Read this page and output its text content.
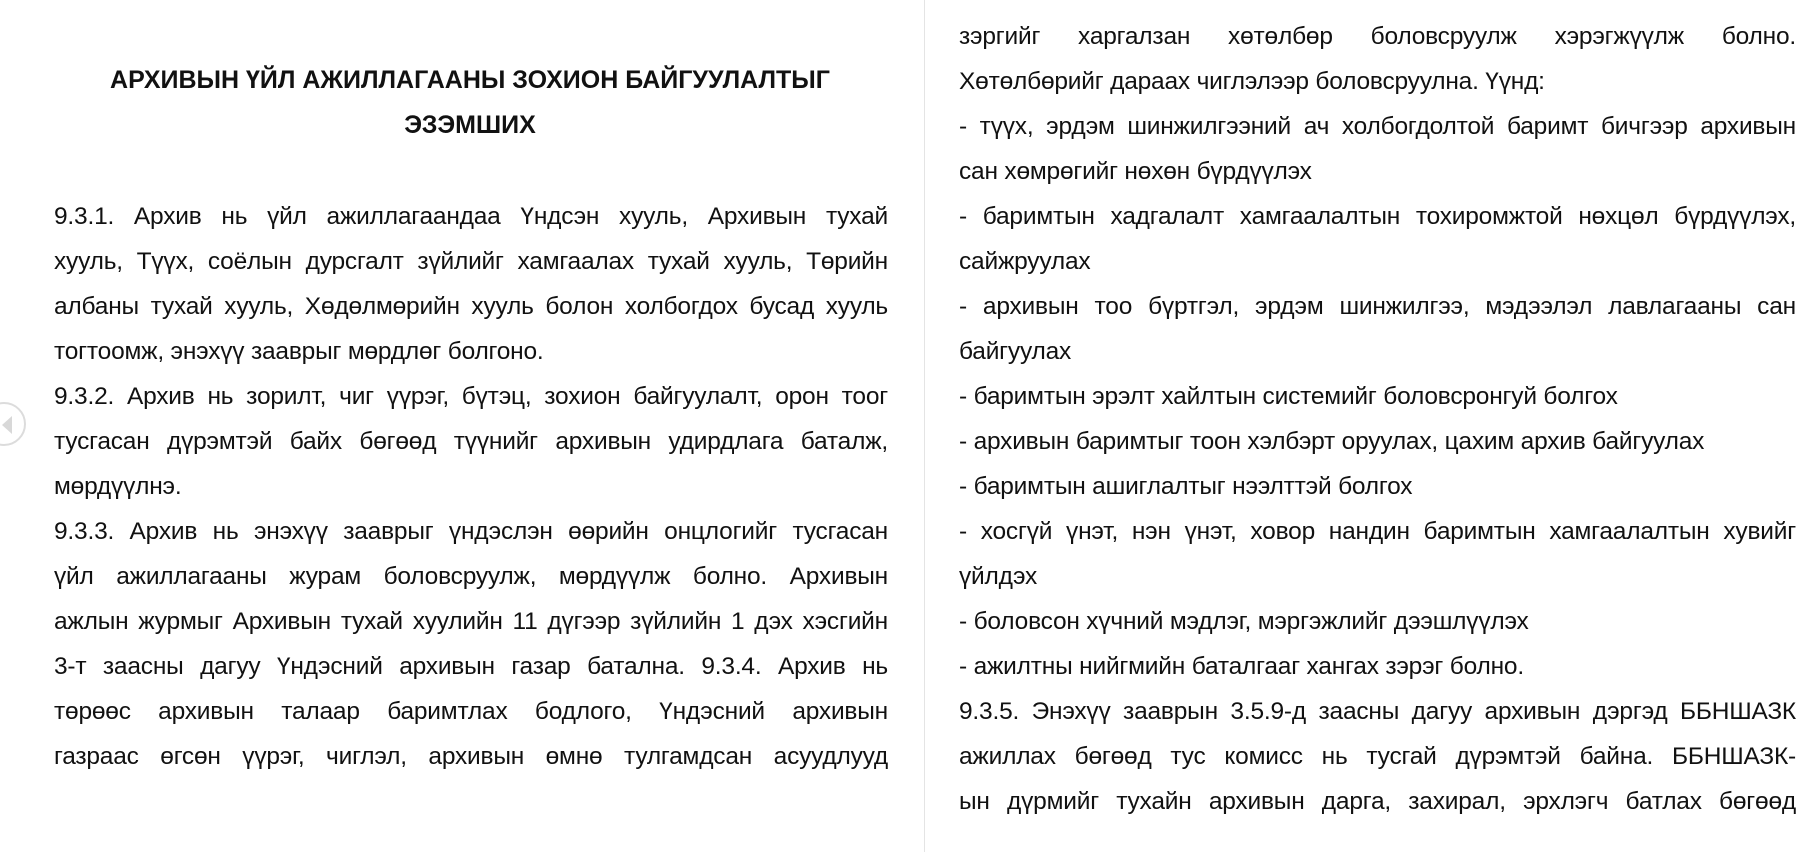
АРХИВЫН ҮЙЛ АЖИЛЛАГААНЫ ЗОХИОН БАЙГУУЛАЛТЫГ
ЭЗЭМШИХ
9.3.1. Архив нь үйл ажиллагаандаа Үндсэн хууль, Архивын тухай
хууль, Түүх, соёлын дурсгалт зүйлийг хамгаалах тухай хууль, Төрийн
албаны тухай хууль, Хөдөлмөрийн хууль болон холбогдох бусад хууль
тогтоомж, энэхүү зааврыг мөрдлөг болгоно.
9.3.2. Архив нь зорилт, чиг үүрэг, бүтэц, зохион байгуулалт, орон тоог
тусгасан дүрэмтэй байх бөгөөд түүнийг архивын удирдлага баталж,
мөрдүүлнэ.
9.3.3. Архив нь энэхүү зааврыг үндэслэн өөрийн онцлогийг тусгасан
үйл ажиллагааны журам боловсруулж, мөрдүүлж болно. Архивын
ажлын журмыг Архивын тухай хуулийн 11 дүгээр зүйлийн 1 дэх хэсгийн
3-т заасны дагуу Үндэсний архивын газар батална. 9.3.4. Архив нь
төрөөс архивын талаар баримтлах бодлого, Үндэсний архивын
газраас өгсөн үүрэг, чиглэл, архивын өмнө тулгамдсан асуудлууд
зэргийг харгалзан хөтөлбөр боловсруулж хэрэгжүүлж болно.
Хөтөлбөрийг дараах чиглэлээр боловсруулна. Үүнд:
- түүх, эрдэм шинжилгээний ач холбогдолтой баримт бичгээр архивын
сан хөмрөгийг нөхөн бүрдүүлэх
- баримтын хадгалалт хамгаалалтын тохиромжтой нөхцөл бүрдүүлэх,
сайжруулах
- архивын тоо бүртгэл, эрдэм шинжилгээ, мэдээлэл лавлагааны сан
байгуулах
- баримтын эрэлт хайлтын системийг боловсронгуй болгох
- архивын баримтыг тоон хэлбэрт оруулах, цахим архив байгуулах
- баримтын ашиглалтыг нээлттэй болгох
- хосгүй үнэт, нэн үнэт, ховор нандин баримтын хамгаалалтын хувийг
үйлдэх
- боловсон хүчний мэдлэг, мэргэжлийг дээшлүүлэх
- ажилтны нийгмийн баталгааг хангах зэрэг болно.
9.3.5. Энэхүү зааврын 3.5.9-д заасны дагуу архивын дэргэд ББНШАЗК
ажиллах бөгөөд тус комисс нь тусгай дүрэмтэй байна. ББНШАЗК-
ын дүрмийг тухайн архивын дарга, захирал, эрхлэгч батлах бөгөөд
